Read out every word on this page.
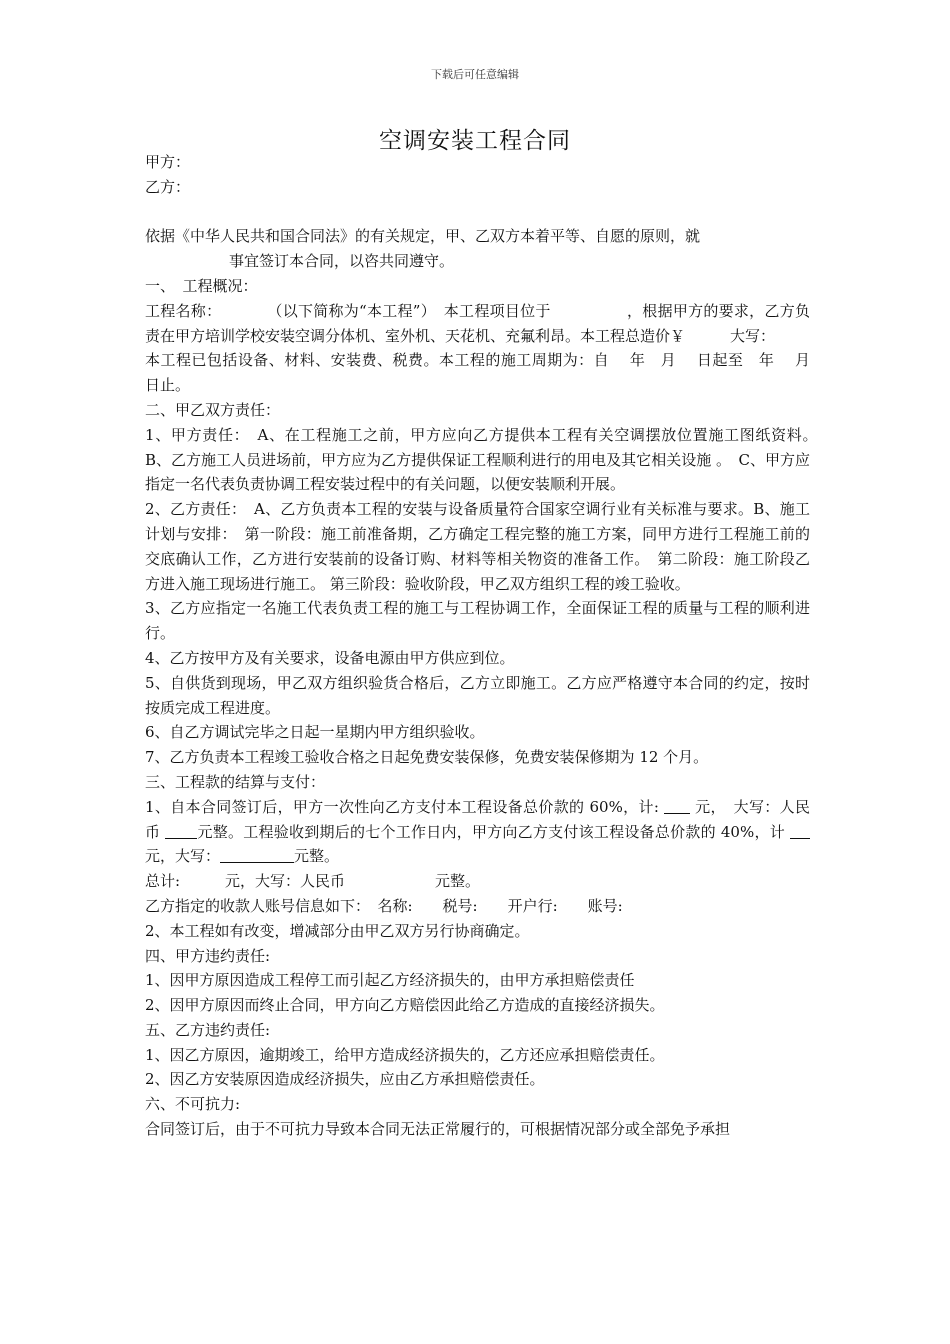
下载后可任意编辑
空调安装工程合同

甲方：

乙方：

依据《中华人民共和国合同法》的有关规定，甲、乙双方本着平等、自愿的原则，就

事宜签订本合同，以咨共同遵守。

一、　工程概况：

工程名称：　　　　（以下简称为“本工程”）　本工程项目位于　　　　　，根据甲方的要求，乙方负责在甲方培训学校安装空调分体机、室外机、天花机、充氟利昂。本工程总造价￥　　　大写：

本工程已包括设备、材料、安装费、税费。本工程的施工周期为：自　 年　月　 日起至　年　 月　 日止。

二、甲乙双方责任：

1、甲方责任：　A、在工程施工之前，甲方应向乙方提供本工程有关空调摆放位置施工图纸资料。　B、乙方施工人员进场前，甲方应为乙方提供保证工程顺利进行的用电及其它相关设施 。　C、甲方应指定一名代表负责协调工程安装过程中的有关问题，以便安装顺利开展。

2、乙方责任：　A、乙方负责本工程的安装与设备质量符合国家空调行业有关标准与要求。B、施工计划与安排：　第一阶段：施工前准备期，乙方确定工程完整的施工方案，同甲方进行工程施工前的交底确认工作，乙方进行安装前的设备订购、材料等相关物资的准备工作。　第二阶段：施工阶段乙方进入施工现场进行施工。 第三阶段：验收阶段，甲乙双方组织工程的竣工验收。

3、乙方应指定一名施工代表负责工程的施工与工程协调工作，全面保证工程的质量与工程的顺利进行。

4、乙方按甲方及有关要求，设备电源由甲方供应到位。

5、自供货到现场，甲乙双方组织验货合格后，乙方立即施工。乙方应严格遵守本合同的约定，按时按质完成工程进度。

6、自乙方调试完毕之日起一星期内甲方组织验收。

7、乙方负责本工程竣工验收合格之日起免费安装保修，免费安装保修期为 12 个月。

三、工程款的结算与支付：

1、自本合同签订后，甲方一次性向乙方支付本工程设备总价款的 60%，计:  元，　大写：人民币 元整。工程验收到期后的七个工作日内，甲方向乙方支付该工程设备总价款的 40%，计  元，大写：	元整。

总计:　　　元，大写：人民币　　　　　　元整。

乙方指定的收款人账号信息如下：　名称:　　税号:　　开户行:　　账号:

2、本工程如有改变，增减部分由甲乙双方另行协商确定。

四、甲方违约责任:

1、因甲方原因造成工程停工而引起乙方经济损失的，由甲方承担赔偿责任

2、因甲方原因而终止合同，甲方向乙方赔偿因此给乙方造成的直接经济损失。

五、乙方违约责任:

1、因乙方原因，逾期竣工，给甲方造成经济损失的，乙方还应承担赔偿责任。

2、因乙方安装原因造成经济损失，应由乙方承担赔偿责任。

六、不可抗力:

合同签订后，由于不可抗力导致本合同无法正常履行的，可根据情况部分或全部免予承担
